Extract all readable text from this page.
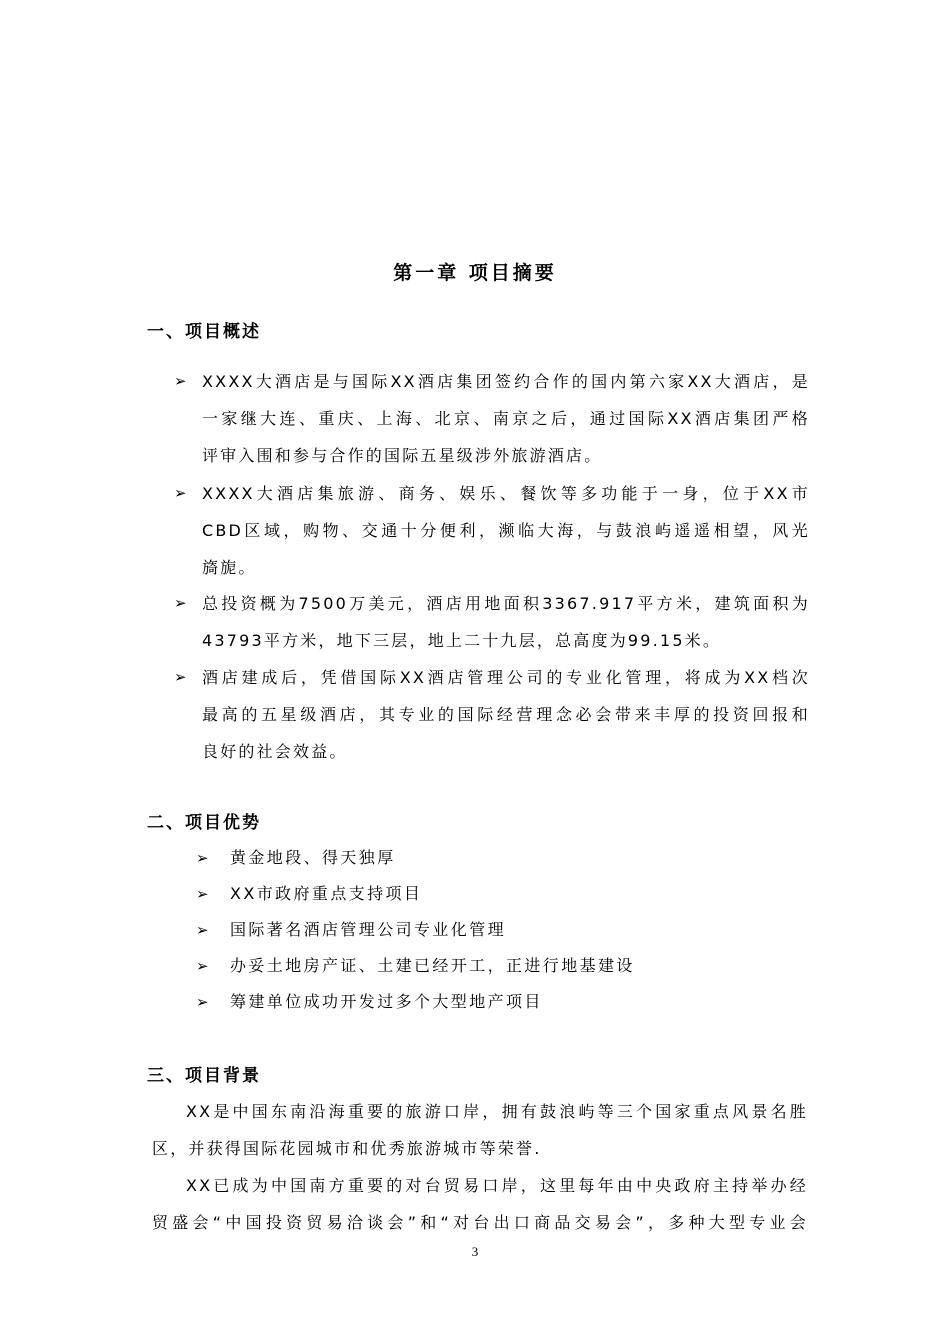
第一章 项目摘要
一、项目概述
➢ XXXX大酒店是与国际XX酒店集团签约合作的国内第六家XX大酒店，是
一家继大连、重庆、上海、北京、南京之后，通过国际XX酒店集团严格
评审入围和参与合作的国际五星级涉外旅游酒店。
➢ XXXX大酒店集旅游、商务、娱乐、餐饮等多功能于一身，位于XX市
CBD区域，购物、交通十分便利，濒临大海，与鼓浪屿遥遥相望，风光
旖旎。
➢ 总投资概为7500万美元，酒店用地面积3367.917平方米，建筑面积为
43793平方米，地下三层，地上二十九层，总高度为99.15米。
➢ 酒店建成后，凭借国际XX酒店管理公司的专业化管理，将成为XX档次
最高的五星级酒店，其专业的国际经营理念必会带来丰厚的投资回报和
良好的社会效益。
二、项目优势
➢ 黄金地段、得天独厚
➢ XX市政府重点支持项目
➢ 国际著名酒店管理公司专业化管理
➢ 办妥土地房产证、土建已经开工，正进行地基建设
➢ 筹建单位成功开发过多个大型地产项目
三、项目背景
XX是中国东南沿海重要的旅游口岸，拥有鼓浪屿等三个国家重点风景名胜
区，并获得国际花园城市和优秀旅游城市等荣誉.
XX已成为中国南方重要的对台贸易口岸，这里每年由中央政府主持举办经
贸盛会“中国投资贸易洽谈会”和“对台出口商品交易会”，多种大型专业会
3
